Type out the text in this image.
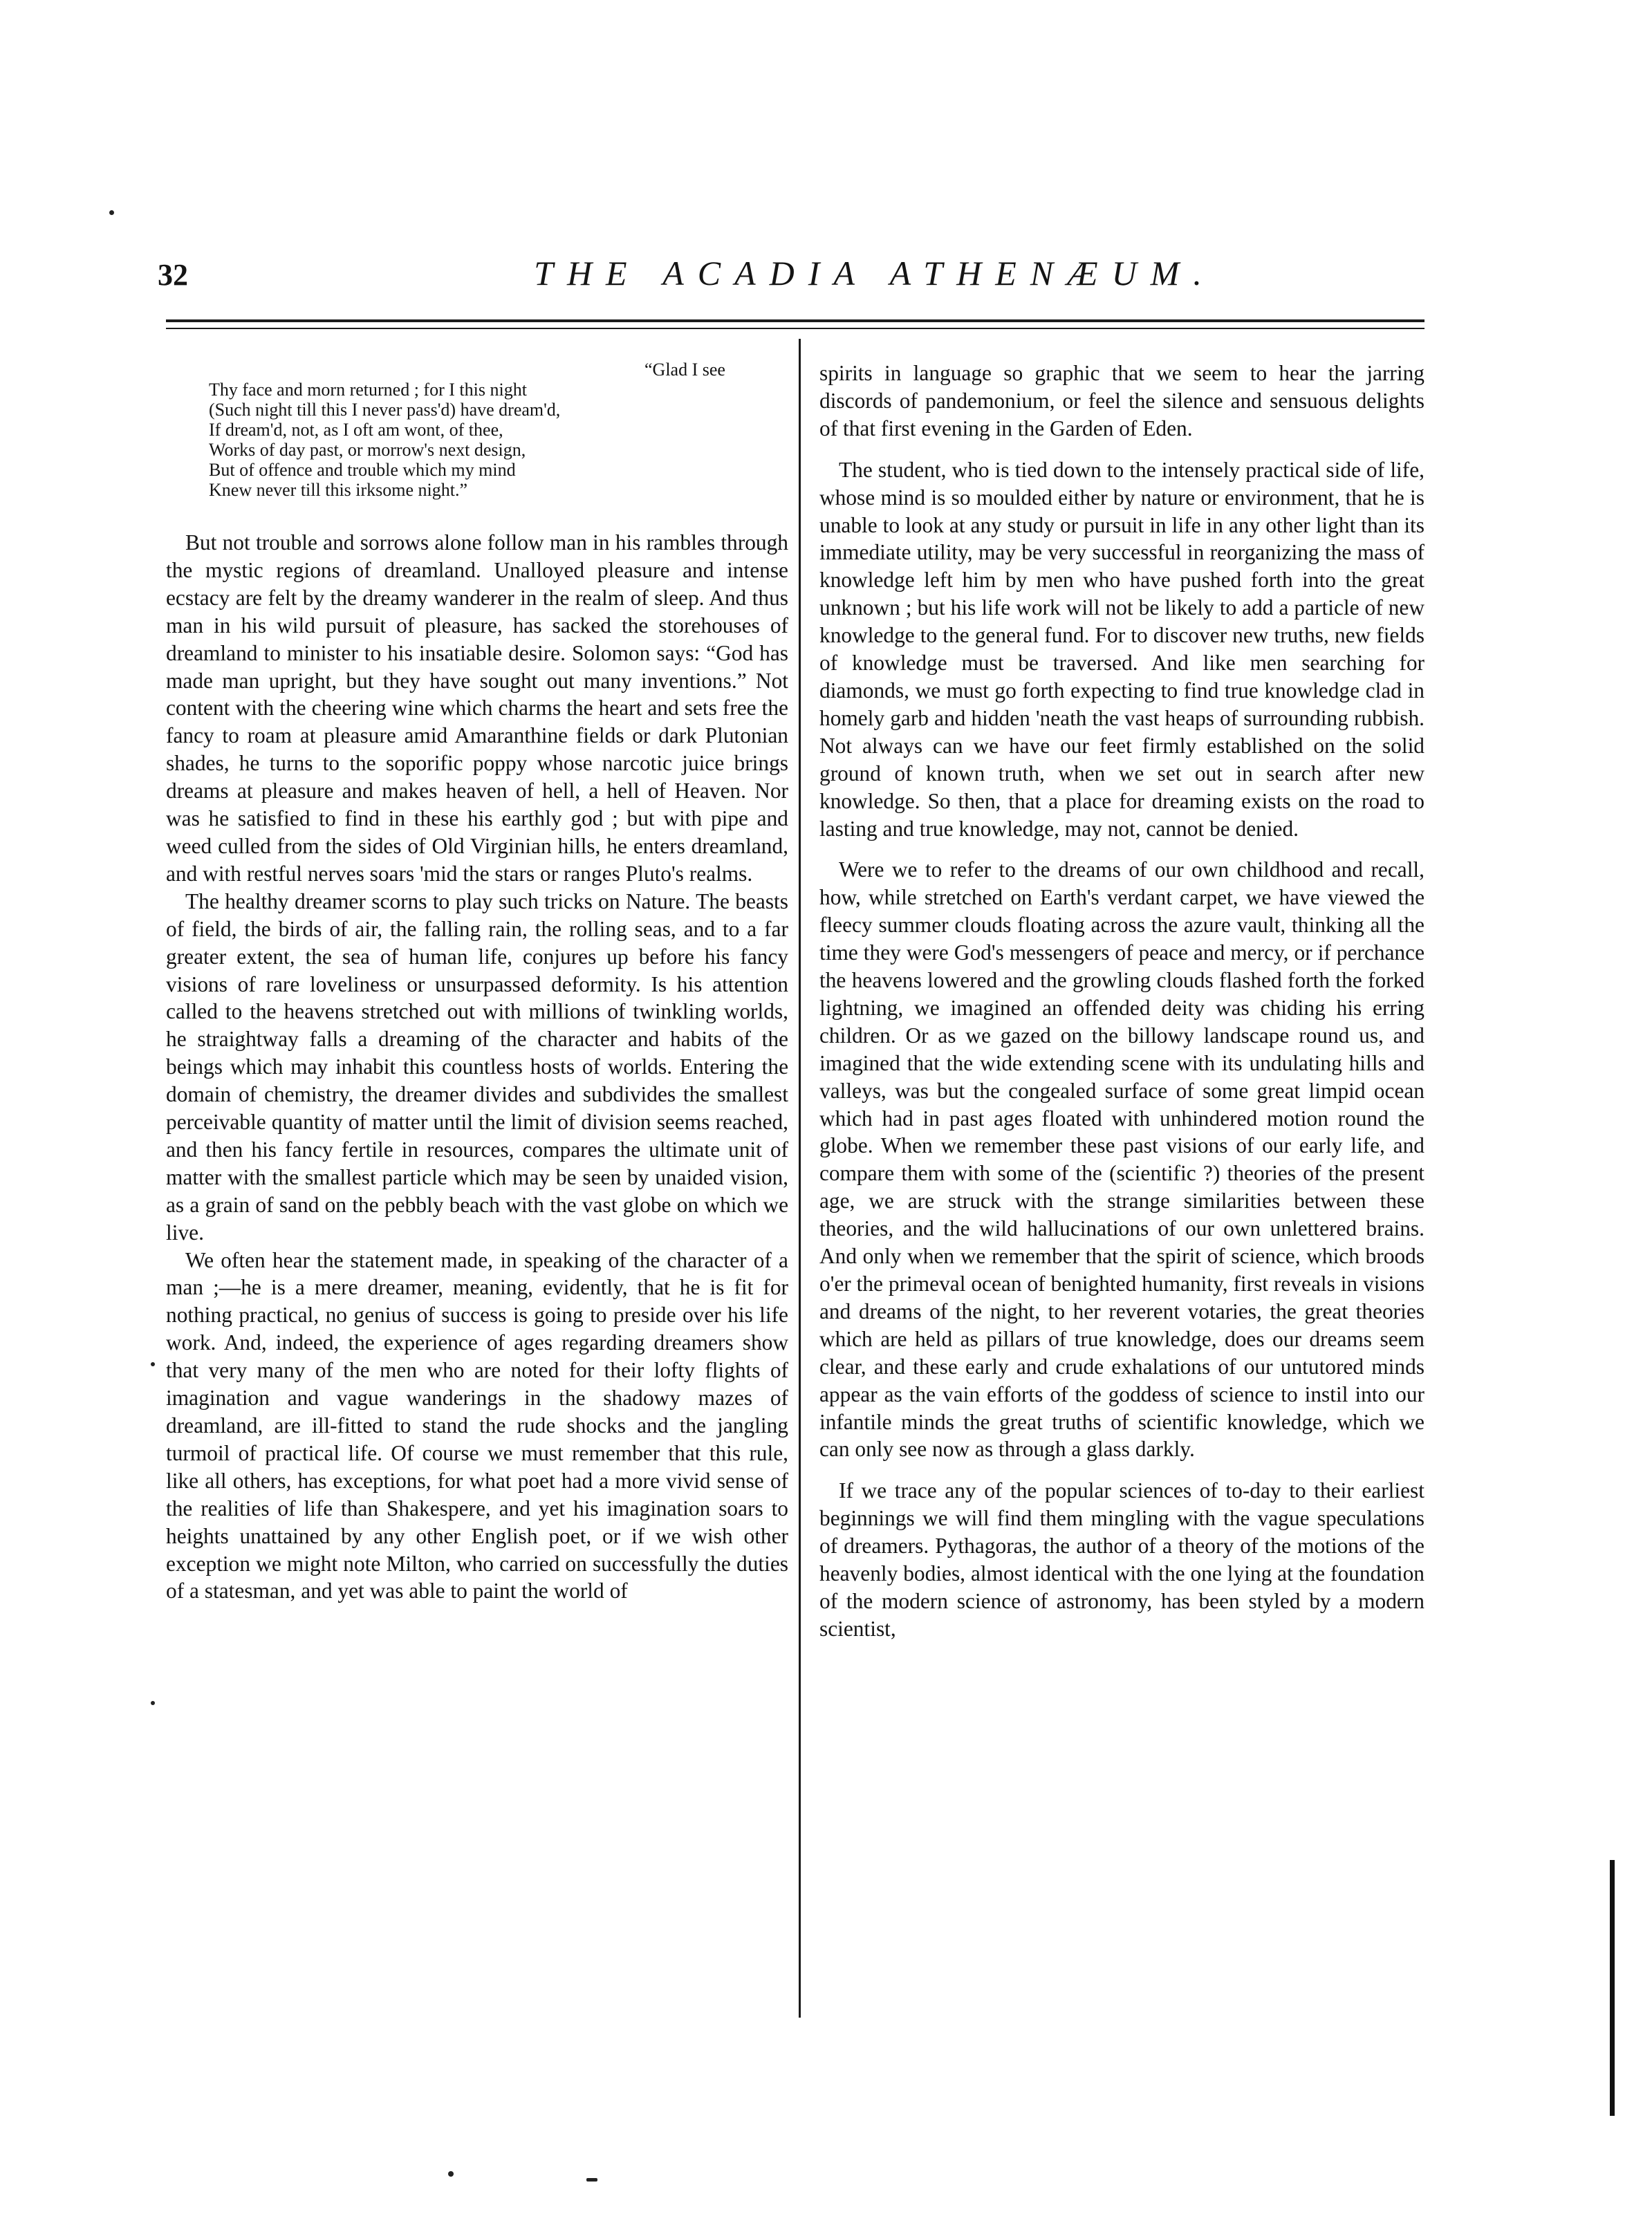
32	THE ACADIA ATHENÆUM.
“Glad I see
Thy face and morn returned ; for I this night
(Such night till this I never pass'd) have dream'd,
If dream'd, not, as I oft am wont, of thee,
Works of day past, or morrow's next design,
But of offence and trouble which my mind
Knew never till this irksome night.”

But not trouble and sorrows alone follow man in his rambles through the mystic regions of dreamland. Unalloyed pleasure and intense ecstacy are felt by the dreamy wanderer in the realm of sleep. And thus man in his wild pursuit of pleasure, has sacked the storehouses of dreamland to minister to his insatiable desire. Solomon says: “God has made man upright, but they have sought out many inventions.” Not content with the cheering wine which charms the heart and sets free the fancy to roam at pleasure amid Amaranthine fields or dark Plutonian shades, he turns to the soporific poppy whose narcotic juice brings dreams at pleasure and makes heaven of hell, a hell of Heaven. Nor was he satisfied to find in these his earthly god ; but with pipe and weed culled from the sides of Old Virginian hills, he enters dreamland, and with restful nerves soars 'mid the stars or ranges Pluto's realms.

The healthy dreamer scorns to play such tricks on Nature. The beasts of field, the birds of air, the falling rain, the rolling seas, and to a far greater extent, the sea of human life, conjures up before his fancy visions of rare loveliness or unsurpassed deformity. Is his attention called to the heavens stretched out with millions of twinkling worlds, he straightway falls a dreaming of the character and habits of the beings which may inhabit this countless hosts of worlds. Entering the domain of chemistry, the dreamer divides and subdivides the smallest perceivable quantity of matter until the limit of division seems reached, and then his fancy fertile in resources, compares the ultimate unit of matter with the smallest particle which may be seen by unaided vision, as a grain of sand on the pebbly beach with the vast globe on which we live.

We often hear the statement made, in speaking of the character of a man ;—he is a mere dreamer, meaning, evidently, that he is fit for nothing practical, no genius of success is going to preside over his life work. And, indeed, the experience of ages regarding dreamers show that very many of the men who are noted for their lofty flights of imagination and vague wanderings in the shadowy mazes of dreamland, are ill-fitted to stand the rude shocks and the jangling turmoil of practical life. Of course we must remember that this rule, like all others, has exceptions, for what poet had a more vivid sense of the realities of life than Shakespere, and yet his imagination soars to heights unattained by any other English poet, or if we wish other exception we might note Milton, who carried on successfully the duties of a statesman, and yet was able to paint the world of

spirits in language so graphic that we seem to hear the jarring discords of pandemonium, or feel the silence and sensuous delights of that first evening in the Garden of Eden.

The student, who is tied down to the intensely practical side of life, whose mind is so moulded either by nature or environment, that he is unable to look at any study or pursuit in life in any other light than its immediate utility, may be very successful in reorganizing the mass of knowledge left him by men who have pushed forth into the great unknown ; but his life work will not be likely to add a particle of new knowledge to the general fund. For to discover new truths, new fields of knowledge must be traversed. And like men searching for diamonds, we must go forth expecting to find true knowledge clad in homely garb and hidden 'neath the vast heaps of surrounding rubbish. Not always can we have our feet firmly established on the solid ground of known truth, when we set out in search after new knowledge. So then, that a place for dreaming exists on the road to lasting and true knowledge, may not, cannot be denied.

Were we to refer to the dreams of our own childhood and recall, how, while stretched on Earth's verdant carpet, we have viewed the fleecy summer clouds floating across the azure vault, thinking all the time they were God's messengers of peace and mercy, or if perchance the heavens lowered and the growling clouds flashed forth the forked lightning, we imagined an offended deity was chiding his erring children. Or as we gazed on the billowy landscape round us, and imagined that the wide extending scene with its undulating hills and valleys, was but the congealed surface of some great limpid ocean which had in past ages floated with unhindered motion round the globe. When we remember these past visions of our early life, and compare them with some of the (scientific ?) theories of the present age, we are struck with the strange similarities between these theories, and the wild hallucinations of our own unlettered brains. And only when we remember that the spirit of science, which broods o'er the primeval ocean of benighted humanity, first reveals in visions and dreams of the night, to her reverent votaries, the great theories which are held as pillars of true knowledge, does our dreams seem clear, and these early and crude exhalations of our untutored minds appear as the vain efforts of the goddess of science to instil into our infantile minds the great truths of scientific knowledge, which we can only see now as through a glass darkly.

If we trace any of the popular sciences of to-day to their earliest beginnings we will find them mingling with the vague speculations of dreamers. Pythagoras, the author of a theory of the motions of the heavenly bodies, almost identical with the one lying at the foundation of the modern science of astronomy, has been styled by a modern scientist,
